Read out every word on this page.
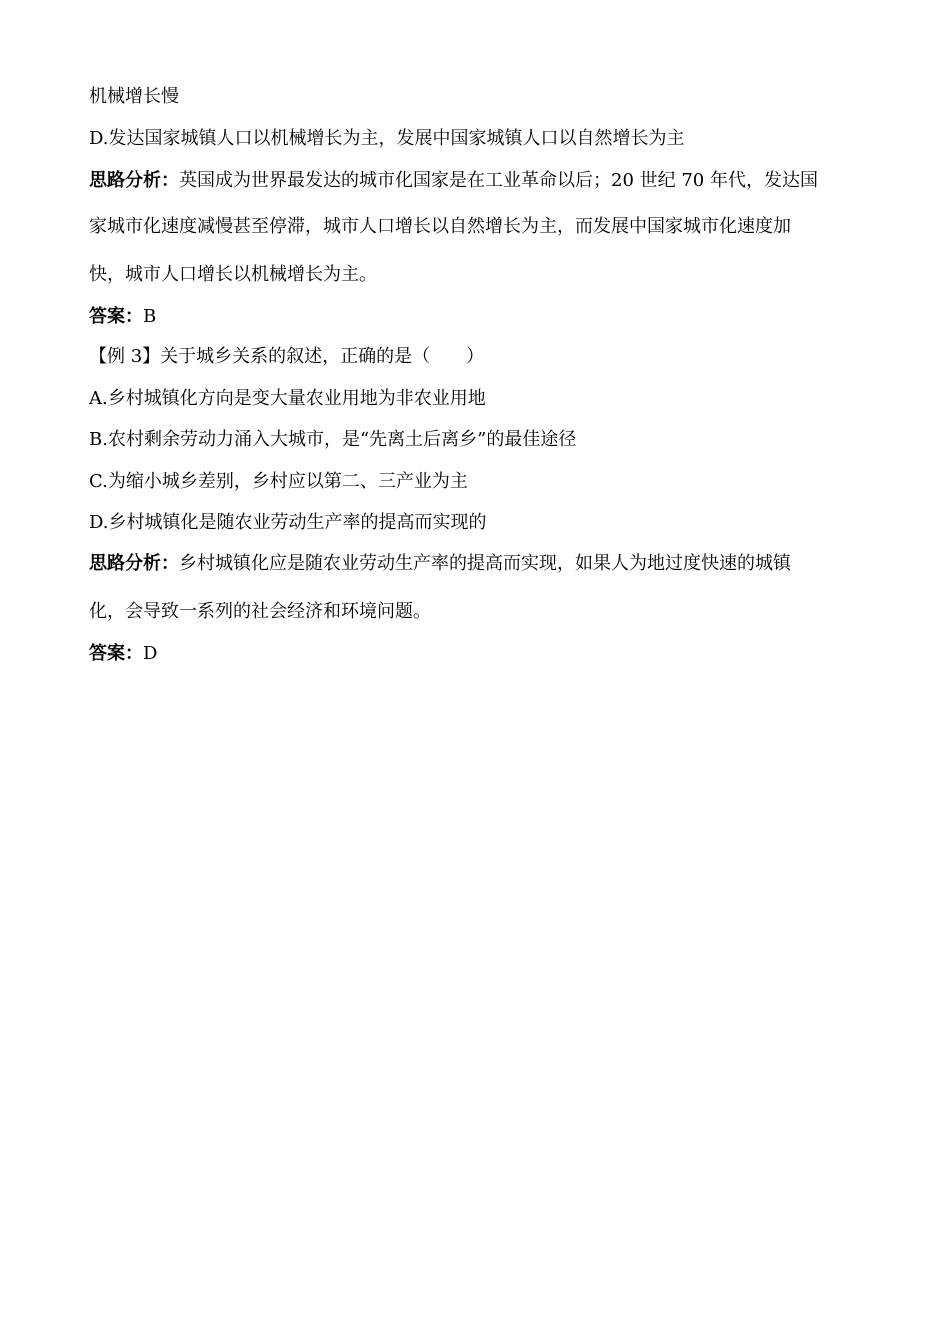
机械增长慢
D.发达国家城镇人口以机械增长为主，发展中国家城镇人口以自然增长为主
思路分析：英国成为世界最发达的城市化国家是在工业革命以后；20 世纪 70 年代，发达国
家城市化速度减慢甚至停滞，城市人口增长以自然增长为主，而发展中国家城市化速度加
快，城市人口增长以机械增长为主。
答案：B
【例 3】关于城乡关系的叙述，正确的是（　　）
A.乡村城镇化方向是变大量农业用地为非农业用地
B.农村剩余劳动力涌入大城市，是“先离土后离乡”的最佳途径
C.为缩小城乡差别，乡村应以第二、三产业为主
D.乡村城镇化是随农业劳动生产率的提高而实现的
思路分析：乡村城镇化应是随农业劳动生产率的提高而实现，如果人为地过度快速的城镇
化，会导致一系列的社会经济和环境问题。
答案：D
